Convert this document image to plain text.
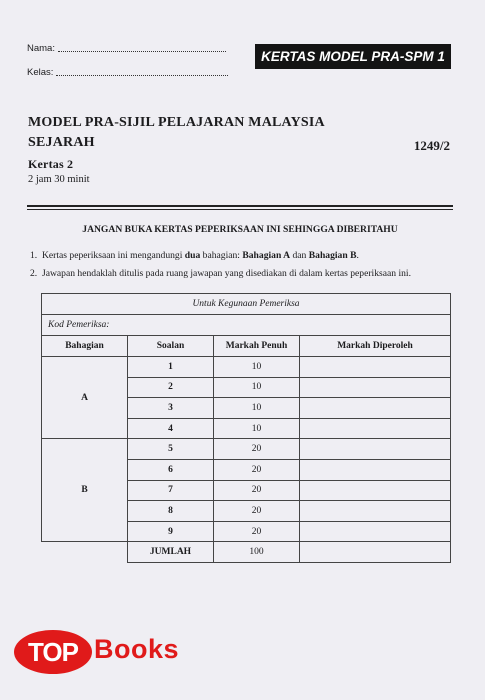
Nama:
Kelas:
KERTAS MODEL PRA-SPM 1
MODEL PRA-SIJIL PELAJARAN MALAYSIA
SEJARAH	1249/2
Kertas 2
2 jam 30 minit
JANGAN BUKA KERTAS PEPERIKSAAN INI SEHINGGA DIBERITAHU
1. Kertas peperiksaan ini mengandungi dua bahagian: Bahagian A dan Bahagian B.
2. Jawapan hendaklah ditulis pada ruang jawapan yang disediakan di dalam kertas peperiksaan ini.
Untuk Kegunaan Pemeriksa			
Kod Pemeriksa:			
Bahagian	Soalan	Markah Penuh	Markah Diperoleh
A	1	10	
	2	10	
	3	10	
	4	10	
B	5	20	
	6	20	
	7	20	
	8	20	
	9	20	
	JUMLAH	100	
TOP Books
